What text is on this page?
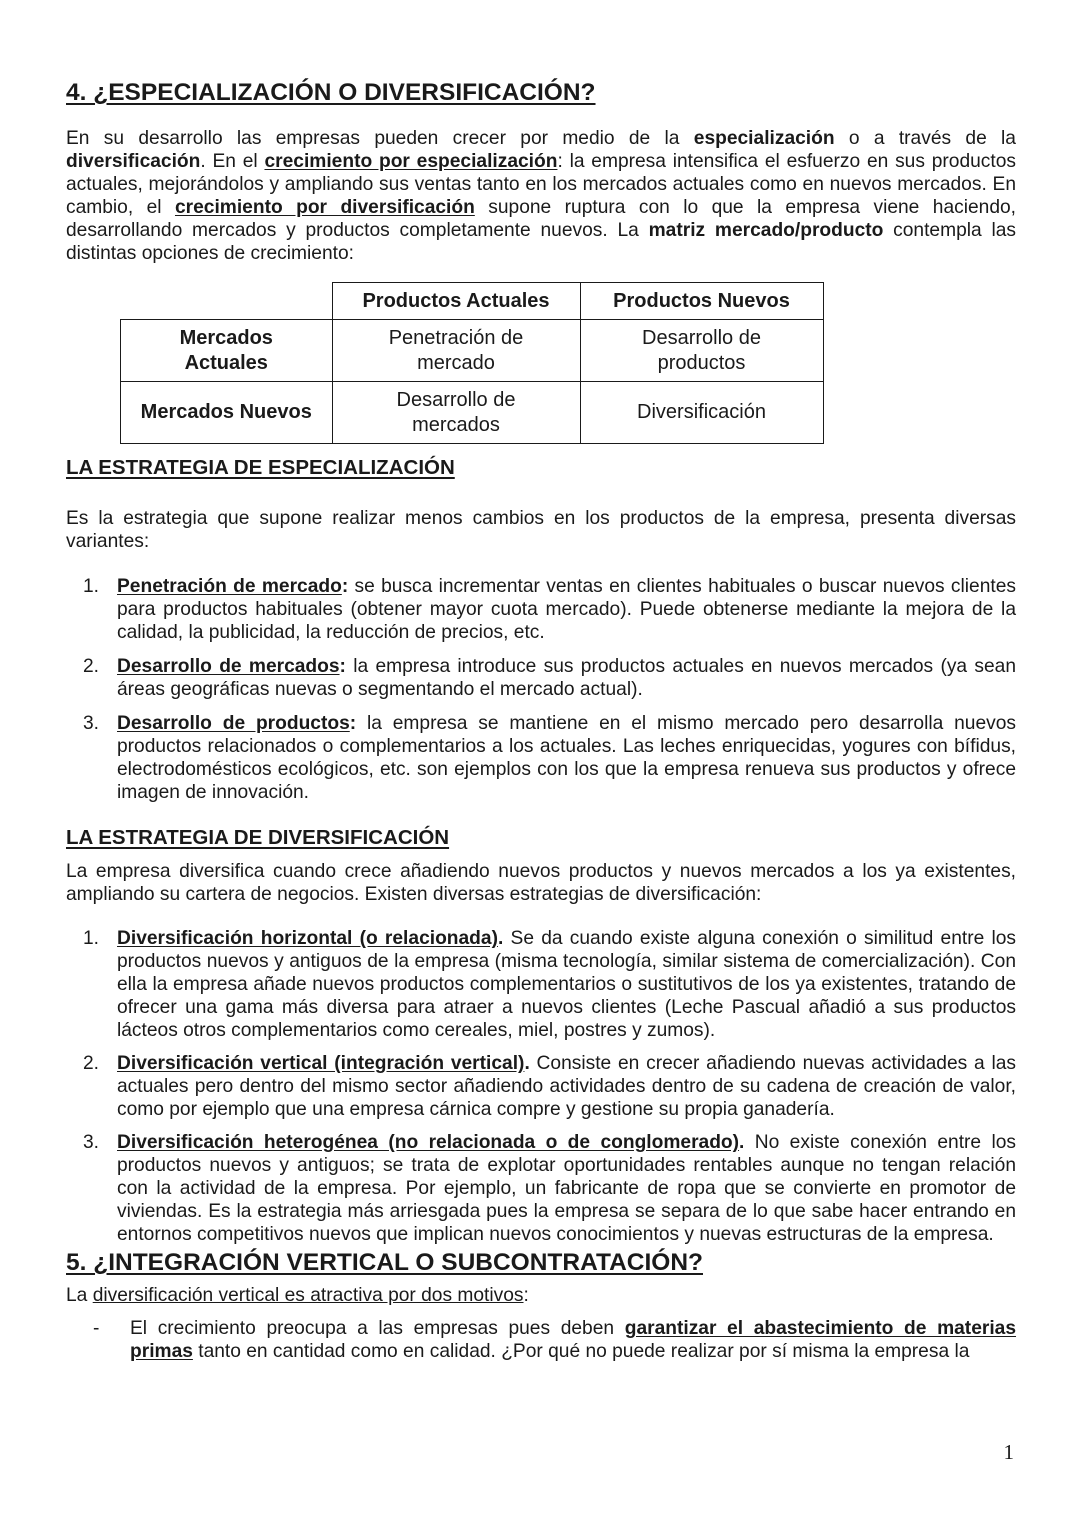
4. ¿ESPECIALIZACIÓN O DIVERSIFICACIÓN?

En su desarrollo las empresas pueden crecer por medio de la especialización o a través de la diversificación. En el crecimiento por especialización: la empresa intensifica el esfuerzo en sus productos actuales, mejorándolos y ampliando sus ventas tanto en los mercados actuales como en nuevos mercados. En cambio, el crecimiento por diversificación supone ruptura con lo que la empresa viene haciendo, desarrollando mercados y productos completamente nuevos. La matriz mercado/producto contempla las distintas opciones de crecimiento:

	Productos Actuales	Productos Nuevos

Mercados Actuales	Penetración de mercado	Desarrollo de productos

Mercados Nuevos	Desarrollo de mercados	Diversificación
LA ESTRATEGIA DE ESPECIALIZACIÓN

Es la estrategia que supone realizar menos cambios en los productos de la empresa, presenta diversas variantes:

1. Penetración de mercado: se busca incrementar ventas en clientes habituales o buscar nuevos clientes para productos habituales (obtener mayor cuota mercado). Puede obtenerse mediante la mejora de la calidad, la publicidad, la reducción de precios, etc.
2. Desarrollo de mercados: la empresa introduce sus productos actuales en nuevos mercados (ya sean áreas geográficas nuevas o segmentando el mercado actual).
3. Desarrollo de productos: la empresa se mantiene en el mismo mercado pero desarrolla nuevos productos relacionados o complementarios a los actuales. Las leches enriquecidas, yogures con bífidus, electrodomésticos ecológicos, etc. son ejemplos con los que la empresa renueva sus productos y ofrece imagen de innovación.
LA ESTRATEGIA DE DIVERSIFICACIÓN

La empresa diversifica cuando crece añadiendo nuevos productos y nuevos mercados a los ya existentes, ampliando su cartera de negocios. Existen diversas estrategias de diversificación:

1. Diversificación horizontal (o relacionada). Se da cuando existe alguna conexión o similitud entre los productos nuevos y antiguos de la empresa (misma tecnología, similar sistema de comercialización). Con ella la empresa añade nuevos productos complementarios o sustitutivos de los ya existentes, tratando de ofrecer una gama más diversa para atraer a nuevos clientes (Leche Pascual añadió a sus productos lácteos otros complementarios como cereales, miel, postres y zumos).
2. Diversificación vertical (integración vertical). Consiste en crecer añadiendo nuevas actividades a las actuales pero dentro del mismo sector añadiendo actividades dentro de su cadena de creación de valor, como por ejemplo que una empresa cárnica compre y gestione su propia ganadería.
3. Diversificación heterogénea (no relacionada o de conglomerado). No existe conexión entre los productos nuevos y antiguos; se trata de explotar oportunidades rentables aunque no tengan relación con la actividad de la empresa. Por ejemplo, un fabricante de ropa que se convierte en promotor de viviendas. Es la estrategia más arriesgada pues la empresa se separa de lo que sabe hacer entrando en entornos competitivos nuevos que implican nuevos conocimientos y nuevas estructuras de la empresa.
5. ¿INTEGRACIÓN VERTICAL O SUBCONTRATACIÓN?

La diversificación vertical es atractiva por dos motivos:

- El crecimiento preocupa a las empresas pues deben garantizar el abastecimiento de materias primas tanto en cantidad como en calidad. ¿Por qué no puede realizar por sí misma la empresa la
1
